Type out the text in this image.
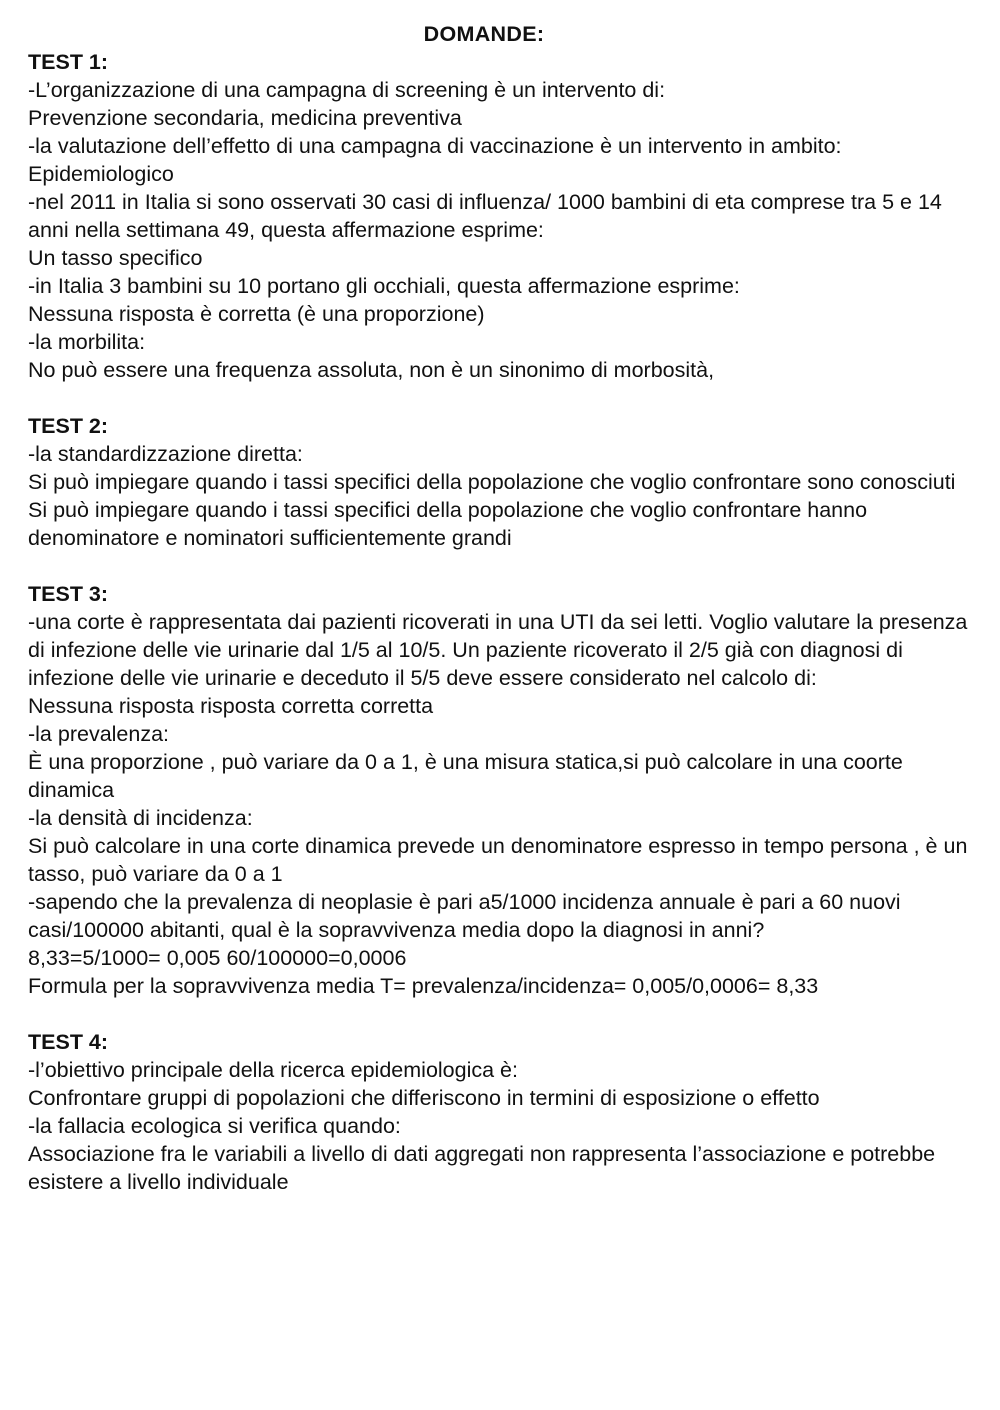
DOMANDE:
TEST 1:
-L’organizzazione di una campagna di screening è un intervento di:
Prevenzione secondaria, medicina preventiva
-la valutazione dell’effetto di una campagna di vaccinazione è un intervento in ambito:
Epidemiologico
-nel 2011 in Italia si sono osservati 30 casi di influenza/ 1000 bambini di eta comprese tra 5 e 14 anni nella settimana 49, questa affermazione esprime:
Un tasso specifico
-in Italia 3 bambini su 10 portano gli occhiali, questa affermazione esprime:
Nessuna risposta è corretta (è una proporzione)
-la morbilita:
No può essere una frequenza assoluta, non è un sinonimo di morbosità,
TEST 2:
-la standardizzazione diretta:
Si può impiegare quando i tassi specifici della popolazione che voglio confrontare sono conosciuti
Si può impiegare quando i tassi specifici della popolazione che voglio confrontare hanno denominatore e nominatori sufficientemente grandi
TEST 3:
-una corte è rappresentata dai pazienti ricoverati in una UTI da sei letti. Voglio valutare la presenza di infezione delle vie urinarie dal 1/5 al 10/5. Un paziente ricoverato il 2/5 già con diagnosi di infezione delle vie urinarie e deceduto il 5/5 deve essere considerato nel calcolo di:
Nessuna risposta risposta corretta corretta
-la prevalenza:
È una proporzione , può variare da 0 a 1, è una misura statica,si può calcolare in una coorte dinamica
-la densità di incidenza:
Si può calcolare in una corte dinamica prevede un denominatore espresso in tempo persona , è un tasso, può variare da 0 a 1
-sapendo che la prevalenza di neoplasie è pari a5/1000 incidenza annuale è pari a 60 nuovi casi/100000 abitanti, qual è la sopravvivenza media dopo la diagnosi in anni?
8,33=5/1000= 0,005 60/100000=0,0006
Formula per la sopravvivenza media T= prevalenza/incidenza= 0,005/0,0006= 8,33
TEST 4:
-l’obiettivo principale della ricerca epidemiologica è:
Confrontare gruppi di popolazioni che differiscono in termini di esposizione o effetto
-la fallacia ecologica si verifica quando:
Associazione fra le variabili a livello di dati aggregati non rappresenta l’associazione e potrebbe esistere a livello individuale
